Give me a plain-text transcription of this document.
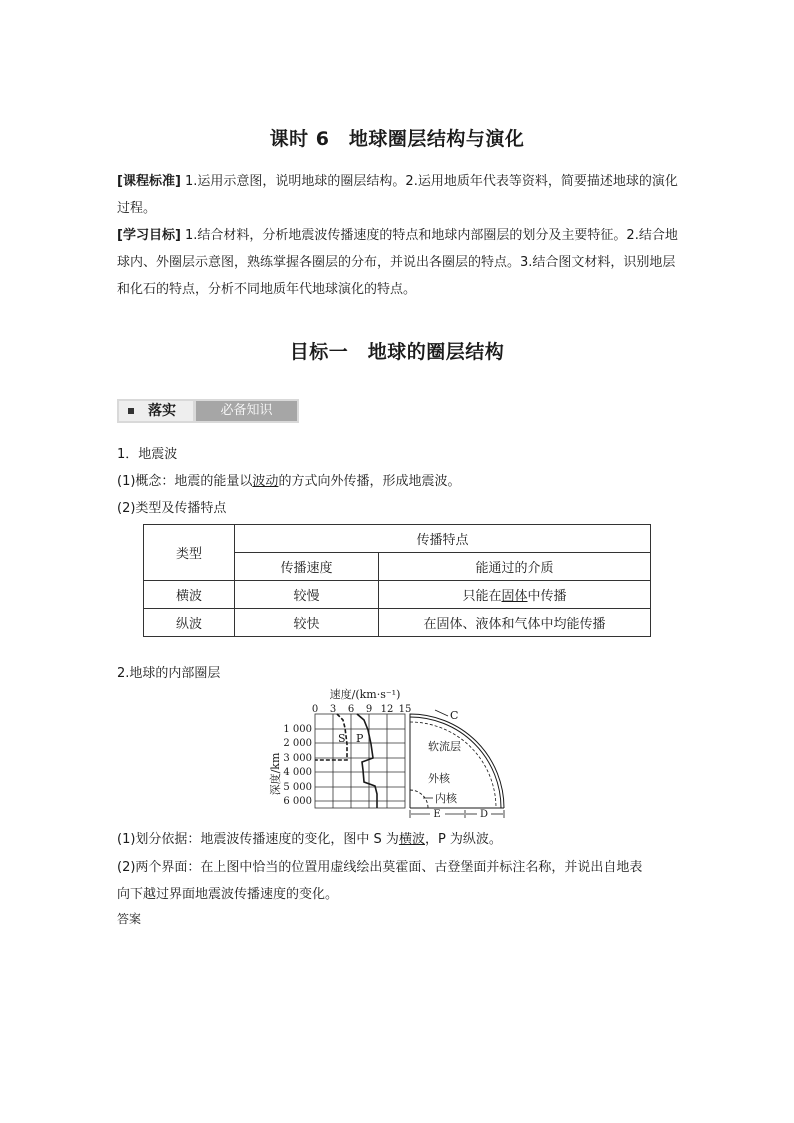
课时 6　地球圈层结构与演化
[课程标准] 1.运用示意图，说明地球的圈层结构。2.运用地质年代表等资料，简要描述地球的演化过程。
[学习目标] 1.结合材料，分析地震波传播速度的特点和地球内部圈层的划分及主要特征。2.结合地球内、外圈层示意图，熟练掌握各圈层的分布，并说出各圈层的特点。3.结合图文材料，识别地层和化石的特点，分析不同地质年代地球演化的特点。
目标一　地球的圈层结构
落实	必备知识
1．地震波
(1)概念：地震的能量以波动的方式向外传播，形成地震波。
(2)类型及传播特点
类型	传播特点	
	传播速度	能通过的介质
横波	较慢	只能在固体中传播
纵波	较快	在固体、液体和气体中均能传播
2.地球的内部圈层
速度/(km·s⁻¹)
0 3 6 9 12 15
深度/km
1 000
2 000
3 000
4 000
5 000
6 000
S P
C
软流层
外核
内核
E	D
(1)划分依据：地震波传播速度的变化，图中 S 为横波，P 为纵波。
(2)两个界面：在上图中恰当的位置用虚线绘出莫霍面、古登堡面并标注名称，并说出自地表
向下越过界面地震波传播速度的变化。
答案
